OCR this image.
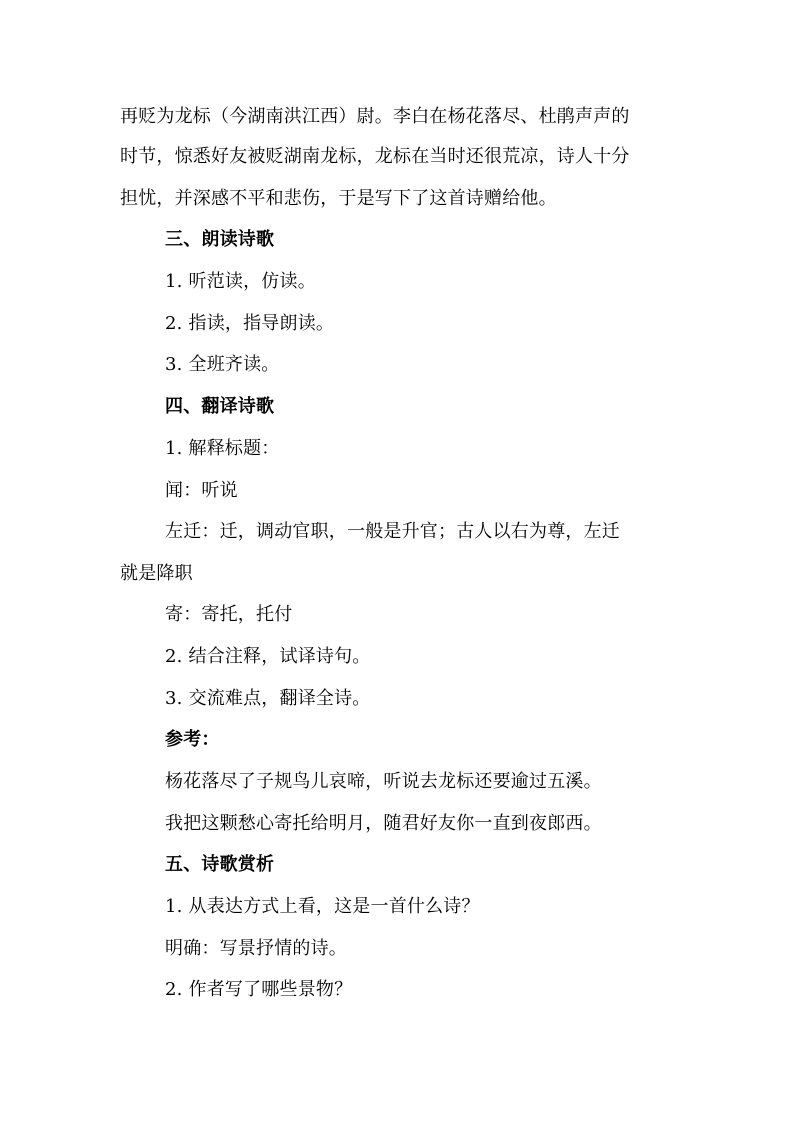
再贬为龙标（今湖南洪江西）尉。李白在杨花落尽、杜鹃声声的
时节，惊悉好友被贬湖南龙标，龙标在当时还很荒凉，诗人十分
担忧，并深感不平和悲伤，于是写下了这首诗赠给他。
三、朗读诗歌
1. 听范读，仿读。
2. 指读，指导朗读。
3. 全班齐读。
四、翻译诗歌
1. 解释标题：
闻：听说
左迁：迁，调动官职，一般是升官；古人以右为尊，左迁
就是降职
寄：寄托，托付
2. 结合注释，试译诗句。
3. 交流难点，翻译全诗。
参考：
杨花落尽了子规鸟儿哀啼，听说去龙标还要逾过五溪。
我把这颗愁心寄托给明月，随君好友你一直到夜郎西。
五、诗歌赏析
1. 从表达方式上看，这是一首什么诗？
明确：写景抒情的诗。
2. 作者写了哪些景物？
